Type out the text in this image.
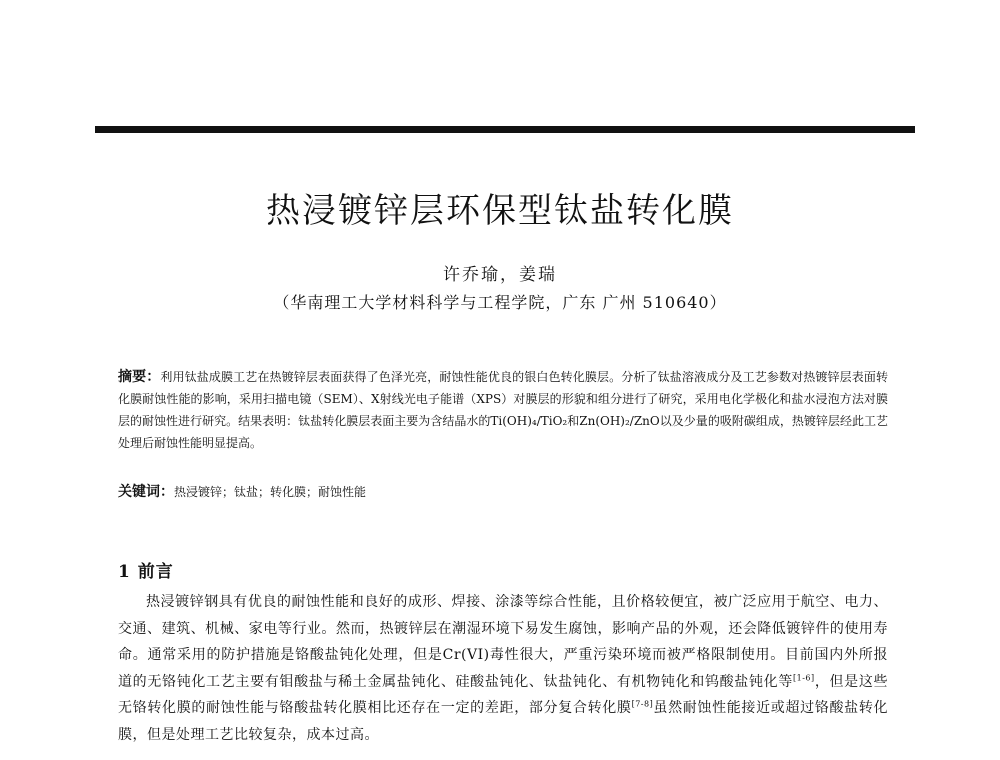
热浸镀锌层环保型钛盐转化膜
许乔瑜，姜瑞
（华南理工大学材料科学与工程学院，广东 广州 510640）
摘要：利用钛盐成膜工艺在热镀锌层表面获得了色泽光亮，耐蚀性能优良的银白色转化膜层。分析了钛盐溶液成分及工艺参数对热镀锌层表面转化膜耐蚀性能的影响，采用扫描电镜（SEM）、X射线光电子能谱（XPS）对膜层的形貌和组分进行了研究，采用电化学极化和盐水浸泡方法对膜层的耐蚀性进行研究。结果表明：钛盐转化膜层表面主要为含结晶水的Ti(OH)₄/TiO₂和Zn(OH)₂/ZnO以及少量的吸附碳组成，热镀锌层经此工艺处理后耐蚀性能明显提高。
关键词：热浸镀锌；钛盐；转化膜；耐蚀性能
1 前言
热浸镀锌钢具有优良的耐蚀性能和良好的成形、焊接、涂漆等综合性能，且价格较便宜，被广泛应用于航空、电力、交通、建筑、机械、家电等行业。然而，热镀锌层在潮湿环境下易发生腐蚀，影响产品的外观，还会降低镀锌件的使用寿命。通常采用的防护措施是铬酸盐钝化处理，但是Cr(VI)毒性很大，严重污染环境而被严格限制使用。目前国内外所报道的无铬钝化工艺主要有钼酸盐与稀土金属盐钝化、硅酸盐钝化、钛盐钝化、有机物钝化和钨酸盐钝化等[1-6]，但是这些无铬转化膜的耐蚀性能与铬酸盐转化膜相比还存在一定的差距，部分复合转化膜[7-8]虽然耐蚀性能接近或超过铬酸盐转化膜，但是处理工艺比较复杂，成本过高。
